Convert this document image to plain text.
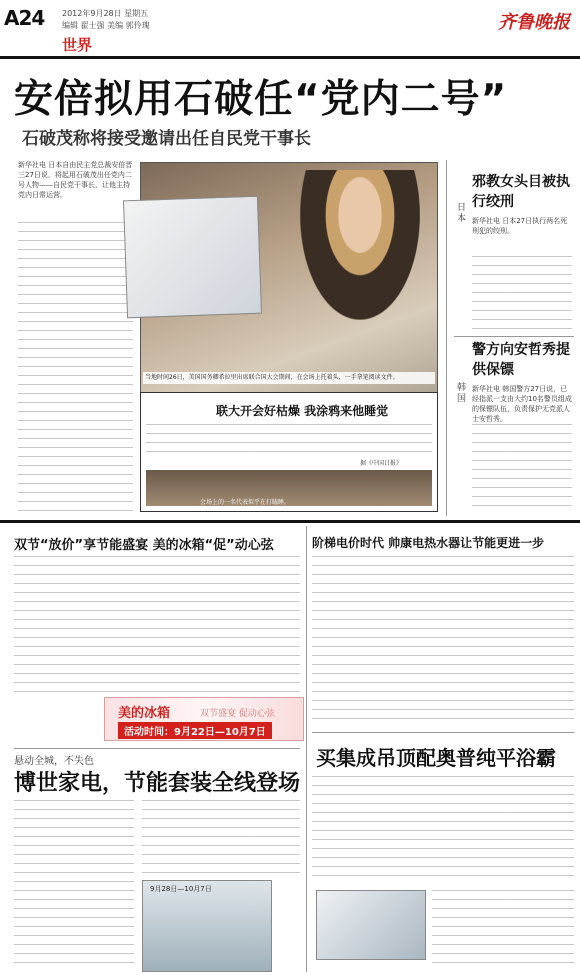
A24 2012年9月28日 星期五
编辑 翟士强 美编 郭伶瑰
世界
齐鲁晚报
安倍拟用石破任“党内二号”
石破茂称将接受邀请出任自民党干事长
新华社电 日本自由民主党总裁安倍晋三27日说，将起用石破茂出任党内二号人物——自民党干事长，让他主持党内日常运营。
当地时间26日，美国国务卿希拉里出席联合国大会期间，在会场上托着头，一手拿笔阅读文件。
联大开会好枯燥 我涂鸦来他睡觉
据《中国日报》
会场上的一名代表似乎在打瞌睡。
邪教女头目被执行绞刑
日本 新华社电 日本27日执行两名死刑犯的绞刑。
警方向安哲秀提供保镖
韩国 新华社电 韩国警方27日说，已经指派一支由大约10名警员组成的保镖队伍，负责保护无党派人士安哲秀。
双节“放价”享节能盛宴 美的冰箱“促”动心弦
美的冰箱	双节盛宴 促动心弦
活动时间：9月22日—10月7日
悬动全城，不失色
博世家电，节能套装全线登场
9月28日—10月7日
阶梯电价时代 帅康电热水器让节能更进一步
买集成吊顶配奥普纯平浴霸
